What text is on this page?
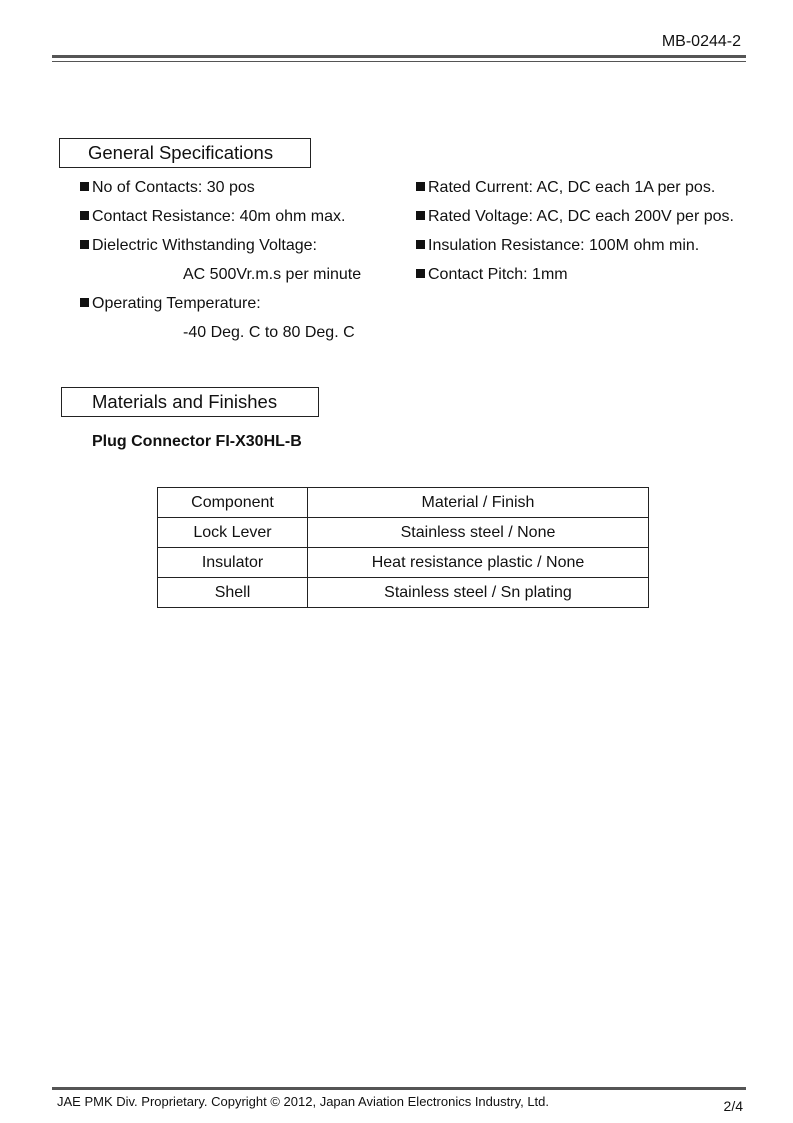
MB-0244-2
General Specifications
No of Contacts: 30 pos
Contact Resistance: 40m ohm max.
Dielectric Withstanding Voltage:
AC 500Vr.m.s per minute
Operating Temperature:
-40 Deg. C to 80 Deg. C
Rated Current: AC, DC each 1A per pos.
Rated Voltage: AC, DC each 200V per pos.
Insulation Resistance: 100M ohm min.
Contact Pitch: 1mm
Materials and Finishes
Plug Connector FI-X30HL-B
Component	Material / Finish
Lock Lever	Stainless steel / None
Insulator	Heat resistance plastic / None
Shell	Stainless steel / Sn plating
JAE PMK Div. Proprietary. Copyright © 2012, Japan Aviation Electronics Industry, Ltd.	2/4
